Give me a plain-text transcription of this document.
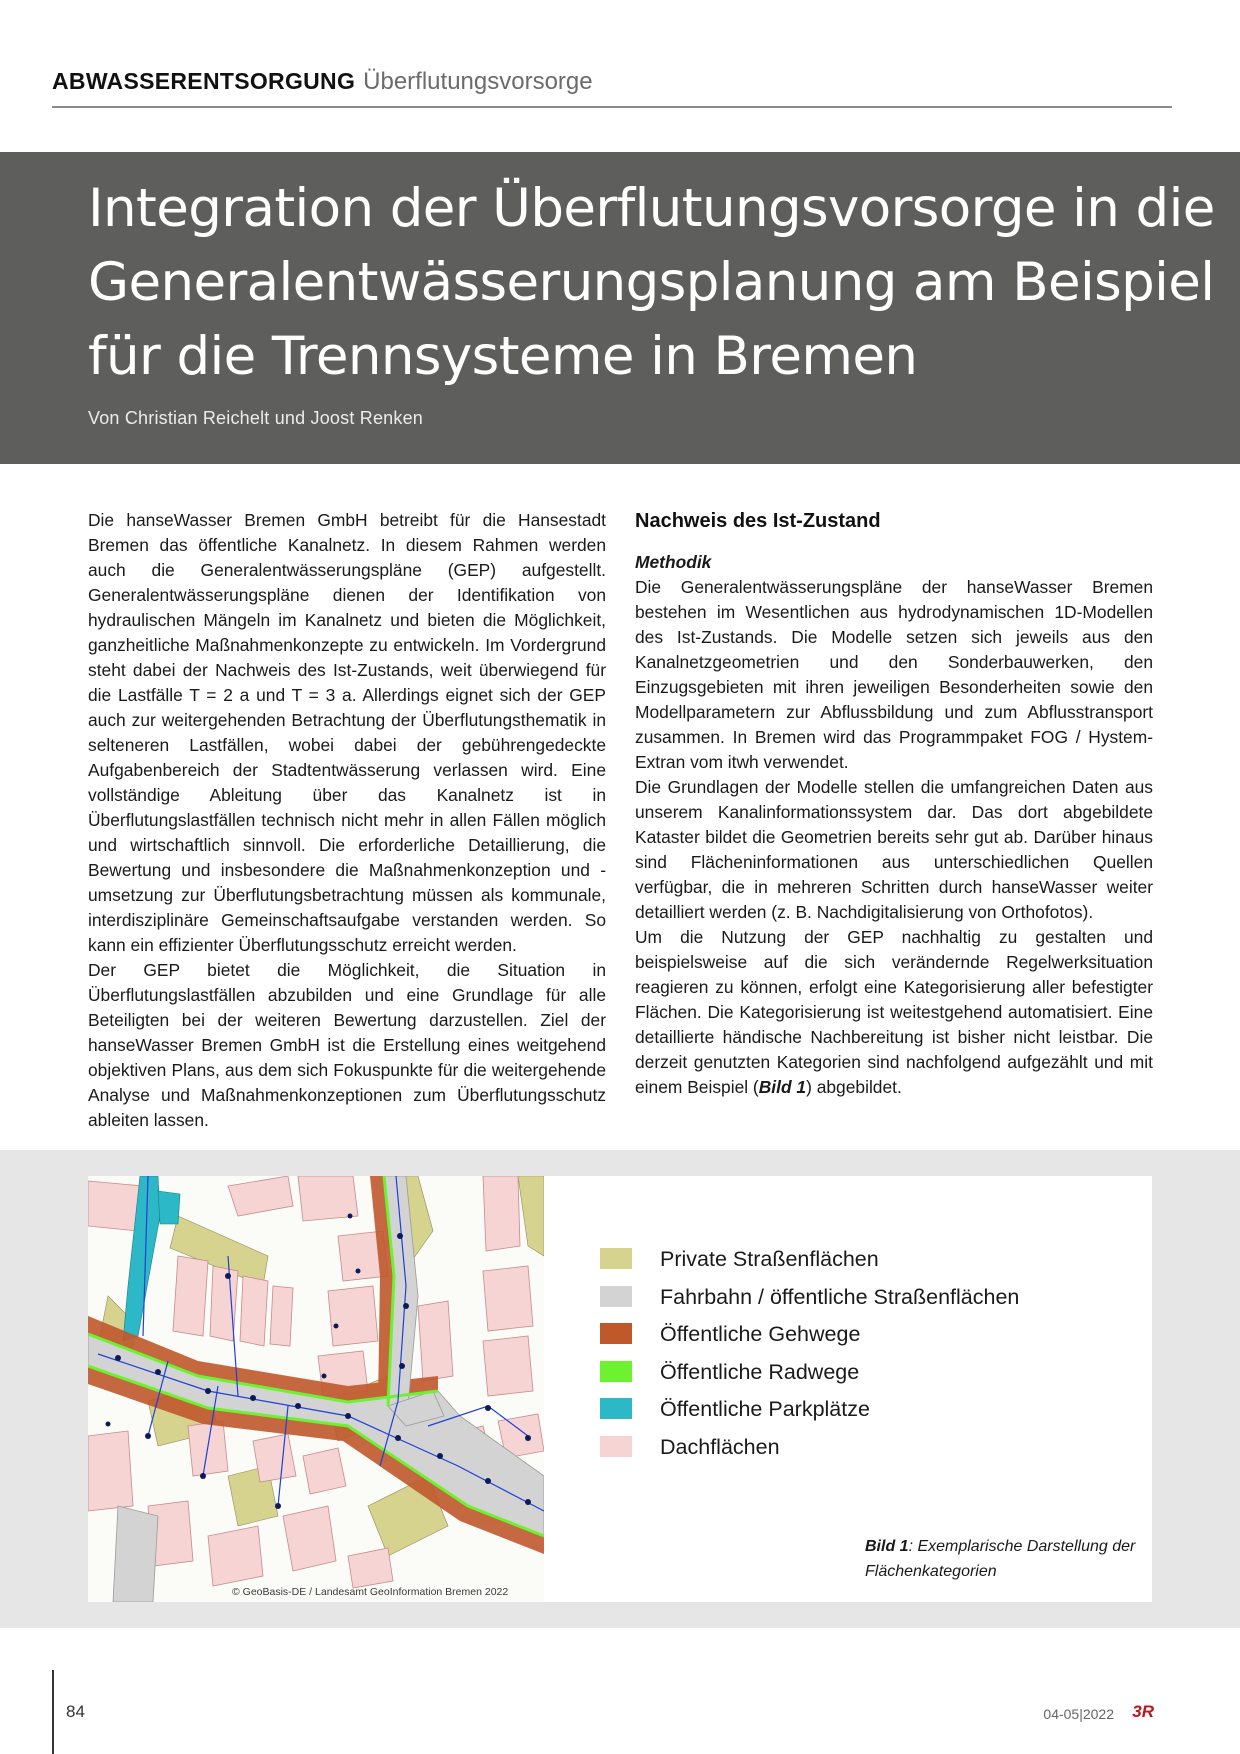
ABWASSERENTSORGUNG Überflutungsvorsorge
Integration der Überflutungsvorsorge in die Generalentwässerungsplanung am Beispiel für die Trennsysteme in Bremen
Von Christian Reichelt und Joost Renken

Die hanseWasser Bremen GmbH betreibt für die Hansestadt Bremen das öffentliche Kanalnetz. In diesem Rahmen werden auch die Generalentwässerungspläne (GEP) aufgestellt. Generalentwässerungspläne dienen der Identifikation von hydraulischen Mängeln im Kanalnetz und bieten die Möglichkeit, ganzheitliche Maßnahmenkonzepte zu entwickeln. Im Vordergrund steht dabei der Nachweis des Ist-Zustands, weit überwiegend für die Lastfälle T = 2 a und T = 3 a. Allerdings eignet sich der GEP auch zur weitergehenden Betrachtung der Überflutungsthematik in selteneren Lastfällen, wobei dabei der gebührengedeckte Aufgabenbereich der Stadtentwässerung verlassen wird. Eine vollständige Ableitung über das Kanalnetz ist in Überflutungslastfällen technisch nicht mehr in allen Fällen möglich und wirtschaftlich sinnvoll. Die erforderliche Detaillierung, die Bewertung und insbesondere die Maßnahmenkonzeption und -umsetzung zur Überflutungsbetrachtung müssen als kommunale, interdisziplinäre Gemeinschaftsaufgabe verstanden werden. So kann ein effizienter Überflutungsschutz erreicht werden.

Der GEP bietet die Möglichkeit, die Situation in Überflutungslastfällen abzubilden und eine Grundlage für alle Beteiligten bei der weiteren Bewertung darzustellen. Ziel der hanseWasser Bremen GmbH ist die Erstellung eines weitgehend objektiven Plans, aus dem sich Fokuspunkte für die weitergehende Analyse und Maßnahmenkonzeptionen zum Überflutungsschutz ableiten lassen.

Nachweis des Ist-Zustand
Methodik

Die Generalentwässerungspläne der hanseWasser Bremen bestehen im Wesentlichen aus hydrodynamischen 1D-Modellen des Ist-Zustands. Die Modelle setzen sich jeweils aus den Kanalnetzgeometrien und den Sonderbauwerken, den Einzugsgebieten mit ihren jeweiligen Besonderheiten sowie den Modellparametern zur Abflussbildung und zum Abflusstransport zusammen. In Bremen wird das Programmpaket FOG / Hystem-Extran vom itwh verwendet.

Die Grundlagen der Modelle stellen die umfangreichen Daten aus unserem Kanalinformationssystem dar. Das dort abgebildete Kataster bildet die Geometrien bereits sehr gut ab. Darüber hinaus sind Flächeninformationen aus unterschiedlichen Quellen verfügbar, die in mehreren Schritten durch hanseWasser weiter detailliert werden (z. B. Nachdigitalisierung von Orthofotos).

Um die Nutzung der GEP nachhaltig zu gestalten und beispielsweise auf die sich verändernde Regelwerksituation reagieren zu können, erfolgt eine Kategorisierung aller befestigter Flächen. Die Kategorisierung ist weitestgehend automatisiert. Eine detaillierte händische Nachbereitung ist bisher nicht leistbar. Die derzeit genutzten Kategorien sind nachfolgend aufgezählt und mit einem Beispiel (Bild 1) abgebildet.

© GeoBasis-DE / Landesamt GeoInformation Bremen 2022
Private Straßenflächen
Fahrbahn / öffentliche Straßenflächen
Öffentliche Gehwege
Öffentliche Radwege
Öffentliche Parkplätze
Dachflächen
Bild 1: Exemplarische Darstellung der Flächenkategorien
84	04-05|2022 3R
